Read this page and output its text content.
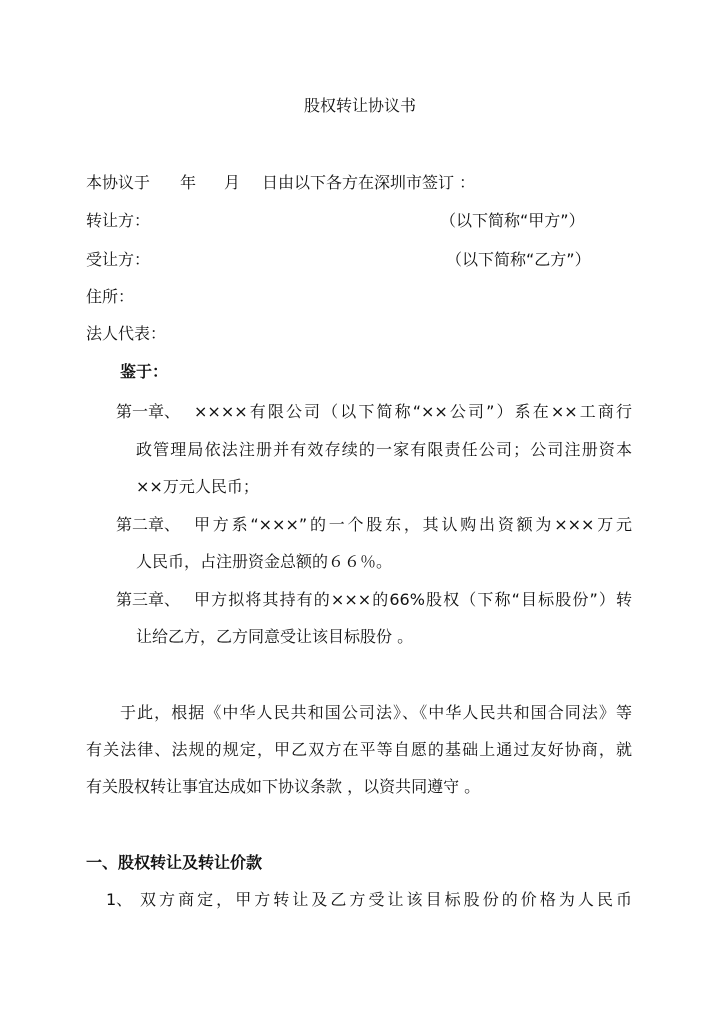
股权转让协议书
本协议于 年 月 日由以下各方在深圳市签订 ：
转让方：	（以下简称“甲方”）
受让方：	（以下简称“乙方”）
住所：
法人代表：
鉴于：
第一章、 ××××有限公司（以下简称“××公司”）系在××工商行
政管理局依法注册并有效存续的一家有限责任公司；公司注册资本
××万元人民币；
第二章、 甲方系“×××”的一个股东，其认购出资额为×××万元
人民币，占注册资金总额的６６％。
第三章、 甲方拟将其持有的×××的66%股权（下称“目标股份”）转
让给乙方，乙方同意受让该目标股份 。
于此，根据《中华人民共和国公司法》、《中华人民共和国合同法》等
有关法律、法规的规定，甲乙双方在平等自愿的基础上通过友好协商，就
有关股权转让事宜达成如下协议条款 ，以资共同遵守 。
一、股权转让及转让价款
1、 双方商定，甲方转让及乙方受让该目标股份的价格为人民币
